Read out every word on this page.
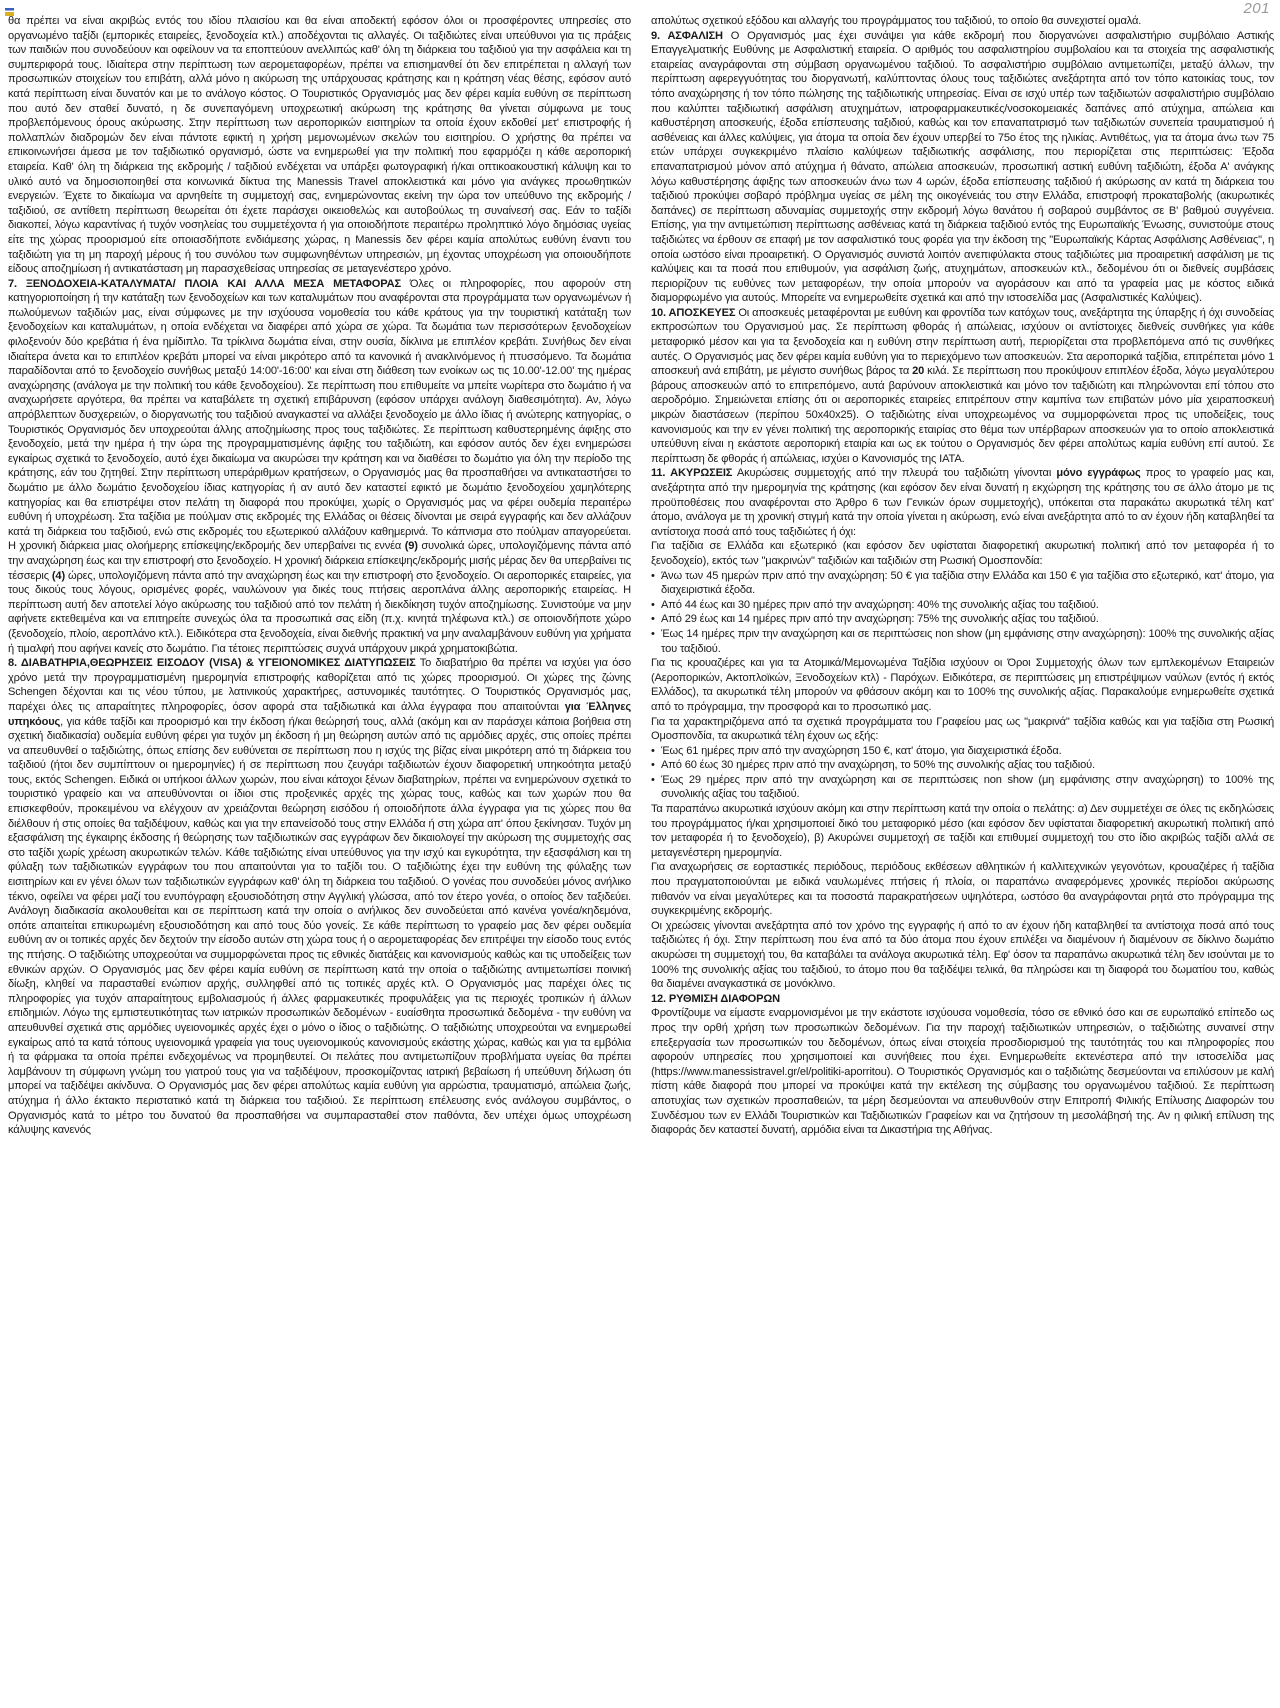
201

θα πρέπει να είναι ακριβώς εντός του ιδίου πλαισίου και θα είναι αποδεκτή εφόσον όλοι οι προσφέροντες υπηρεσίες στο οργανωμένο ταξίδι (εμπορικές εταιρείες, ξενοδοχεία κτλ.) αποδέχονται τις αλλαγές. Οι ταξιδιώτες είναι υπεύθυνοι για τις πράξεις των παιδιών που συνοδεύουν και οφείλουν να τα εποπτεύουν ανελλιπώς καθ' όλη τη διάρκεια του ταξιδιού για την ασφάλεια και τη συμπεριφορά τους. Ιδιαίτερα στην περίπτωση των αερομεταφορέων, πρέπει να επισημανθεί ότι δεν επιτρέπεται η αλλαγή των προσωπικών στοιχείων του επιβάτη, αλλά μόνο η ακύρωση της υπάρχουσας κράτησης και η κράτηση νέας θέσης, εφόσον αυτό κατά περίπτωση είναι δυνατόν και με το ανάλογο κόστος. Ο Τουριστικός Οργανισμός μας δεν φέρει καμία ευθύνη σε περίπτωση που αυτό δεν σταθεί δυνατό, η δε συνεπαγόμενη υποχρεωτική ακύρωση της κράτησης θα γίνεται σύμφωνα με τους προβλεπόμενους όρους ακύρωσης. Στην περίπτωση των αεροπορικών εισιτηρίων τα οποία έχουν εκδοθεί μετ' επιστροφής ή πολλαπλών διαδρομών δεν είναι πάντοτε εφικτή η χρήση μεμονωμένων σκελών του εισιτηρίου. Ο χρήστης θα πρέπει να επικοινωνήσει άμεσα με τον ταξιδιωτικό οργανισμό, ώστε να ενημερωθεί για την πολιτική που εφαρμόζει η κάθε αεροπορική εταιρεία. Καθ' όλη τη διάρκεια της εκδρομής / ταξιδιού ενδέχεται να υπάρξει φωτογραφική ή/και οπτικοακουστική κάλυψη και το υλικό αυτό να δημοσιοποιηθεί στα κοινωνικά δίκτυα της Manessis Travel αποκλειστικά και μόνο για ανάγκες προωθητικών ενεργειών. Έχετε το δικαίωμα να αρνηθείτε τη συμμετοχή σας, ενημερώνοντας εκείνη την ώρα τον υπεύθυνο της εκδρομής / ταξιδιού, σε αντίθετη περίπτωση θεωρείται ότι έχετε παράσχει οικειοθελώς και αυτοβούλως τη συναίνεσή σας. Εάν το ταξίδι διακοπεί, λόγω καραντίνας ή τυχόν νοσηλείας του συμμετέχοντα ή για οποιοδήποτε περαιτέρω προληπτικό λόγο δημόσιας υγείας είτε της χώρας προορισμού είτε οποιασδήποτε ενδιάμεσης χώρας, η Manessis δεν φέρει καμία απολύτως ευθύνη έναντι του ταξιδιώτη για τη μη παροχή μέρους ή του συνόλου των συμφωνηθέντων υπηρεσιών, μη έχοντας υποχρέωση για οποιουδήποτε είδους αποζημίωση ή αντικατάσταση μη παρασχεθείσας υπηρεσίας σε μεταγενέστερο χρόνο.

7. ΞΕΝΟΔΟΧΕΙΑ-ΚΑΤΑΛΥΜΑΤΑ/ ΠΛΟΙΑ ΚΑΙ ΑΛΛΑ ΜΕΣΑ ΜΕΤΑΦΟΡΑΣ Όλες οι πληροφορίες, που αφορούν στη κατηγοριοποίηση ή την κατάταξη των ξενοδοχείων και των καταλυμάτων που αναφέρονται στα προγράμματα των οργανωμένων ή πωλούμενων ταξιδιών μας, είναι σύμφωνες με την ισχύουσα νομοθεσία του κάθε κράτους για την τουριστική κατάταξη των ξενοδοχείων και καταλυμάτων, η οποία ενδέχεται να διαφέρει από χώρα σε χώρα. Τα δωμάτια των περισσότερων ξενοδοχείων φιλοξενούν δύο κρεβάτια ή ένα ημίδιπλο. Τα τρίκλινα δωμάτια είναι, στην ουσία, δίκλινα με επιπλέον κρεβάτι. Συνήθως δεν είναι ιδιαίτερα άνετα και το επιπλέον κρεβάτι μπορεί να είναι μικρότερο από τα κανονικά ή ανακλινόμενος ή πτυσσόμενο. Τα δωμάτια παραδίδονται από το ξενοδοχείο συνήθως μεταξύ 14:00'-16:00' και είναι στη διάθεση των ενοίκων ως τις 10.00'-12.00' της ημέρας αναχώρησης (ανάλογα με την πολιτική του κάθε ξενοδοχείου). Σε περίπτωση που επιθυμείτε να μπείτε νωρίτερα στο δωμάτιο ή να αναχωρήσετε αργότερα, θα πρέπει να καταβάλετε τη σχετική επιβάρυνση (εφόσον υπάρχει ανάλογη διαθεσιμότητα). Αν, λόγω απρόβλεπτων δυσχερειών, ο διοργανωτής του ταξιδιού αναγκαστεί να αλλάξει ξενοδοχείο με άλλο ίδιας ή ανώτερης κατηγορίας, ο Τουριστικός Οργανισμός δεν υποχρεούται άλλης αποζημίωσης προς τους ταξιδιώτες. Σε περίπτωση καθυστερημένης άφιξης στο ξενοδοχείο, μετά την ημέρα ή την ώρα της προγραμματισμένης άφιξης του ταξιδιώτη, και εφόσον αυτός δεν έχει ενημερώσει εγκαίρως σχετικά το ξενοδοχείο, αυτό έχει δικαίωμα να ακυρώσει την κράτηση και να διαθέσει το δωμάτιο για όλη την περίοδο της κράτησης, εάν του ζητηθεί. Στην περίπτωση υπεράριθμων κρατήσεων, ο Οργανισμός μας θα προσπαθήσει να αντικαταστήσει το δωμάτιο με άλλο δωμάτιο ξενοδοχείου ίδιας κατηγορίας ή αν αυτό δεν καταστεί εφικτό με δωμάτιο ξενοδοχείου χαμηλότερης κατηγορίας και θα επιστρέψει στον πελάτη τη διαφορά που προκύψει, χωρίς ο Οργανισμός μας να φέρει ουδεμία περαιτέρω ευθύνη ή υποχρέωση. Στα ταξίδια με πούλμαν στις εκδρομές της Ελλάδας οι θέσεις δίνονται με σειρά εγγραφής και δεν αλλάζουν κατά τη διάρκεια του ταξιδιού, ενώ στις εκδρομές του εξωτερικού αλλάζουν καθημερινά. Το κάπνισμα στο πούλμαν απαγορεύεται. Η χρονική διάρκεια μιας ολοήμερης επίσκεψης/εκδρομής δεν υπερβαίνει τις εννέα (9) συνολικά ώρες, υπολογιζόμενης πάντα από την αναχώρηση έως και την επιστροφή στο ξενοδοχείο. Η χρονική διάρκεια επίσκεψης/εκδρομής μισής μέρας δεν θα υπερβαίνει τις τέσσερις (4) ώρες, υπολογιζόμενη πάντα από την αναχώρηση έως και την επιστροφή στο ξενοδοχείο. Οι αεροπορικές εταιρείες, για τους δικούς τους λόγους, ορισμένες φορές, ναυλώνουν για δικές τους πτήσεις αεροπλάνα άλλης αεροπορικής εταιρείας. Η περίπτωση αυτή δεν αποτελεί λόγο ακύρωσης του ταξιδιού από τον πελάτη ή διεκδίκηση τυχόν αποζημίωσης. Συνιστούμε να μην αφήνετε εκτεθειμένα και να επιτηρείτε συνεχώς όλα τα προσωπικά σας είδη (π.χ. κινητά τηλέφωνα κτλ.) σε οποιονδήποτε χώρο (ξενοδοχείο, πλοίο, αεροπλάνο κτλ.). Ειδικότερα στα ξενοδοχεία, είναι διεθνής πρακτική να μην αναλαμβάνουν ευθύνη για χρήματα ή τιμαλφή που αφήνει κανείς στο δωμάτιο. Για τέτοιες περιπτώσεις συχνά υπάρχουν μικρά χρηματοκιβώτια.

8. ΔΙΑΒΑΤΗΡΙΑ,ΘΕΩΡΗΣΕΙΣ ΕΙΣΟΔΟΥ (VISA) & ΥΓΕΙΟΝΟΜΙΚΕΣ ΔΙΑΤΥΠΩΣΕΙΣ Το διαβατήριο θα πρέπει να ισχύει για όσο χρόνο μετά την προγραμματισμένη ημερομηνία επιστροφής καθορίζεται από τις χώρες προορισμού. Οι χώρες της ζώνης Schengen δέχονται και τις νέου τύπου, με λατινικούς χαρακτήρες, αστυνομικές ταυτότητες. Ο Τουριστικός Οργανισμός μας, παρέχει όλες τις απαραίτητες πληροφορίες, όσον αφορά στα ταξιδιωτικά και άλλα έγγραφα που απαιτούνται για Έλληνες υπηκόους, για κάθε ταξίδι και προορισμό και την έκδοση ή/και θεώρησή τους, αλλά (ακόμη και αν παράσχει κάποια βοήθεια στη σχετική διαδικασία) ουδεμία ευθύνη φέρει για τυχόν μη έκδοση ή μη θεώρηση αυτών από τις αρμόδιες αρχές, στις οποίες πρέπει να απευθυνθεί ο ταξιδιώτης, όπως επίσης δεν ευθύνεται σε περίπτωση που η ισχύς της βίζας είναι μικρότερη από τη διάρκεια του ταξιδιού (ήτοι δεν συμπίπτουν οι ημερομηνίες) ή σε περίπτωση που ζευγάρι ταξιδιωτών έχουν διαφορετική υπηκοότητα μεταξύ τους, εκτός Schengen. Ειδικά οι υπήκοοι άλλων χωρών, που είναι κάτοχοι ξένων διαβατηρίων, πρέπει να ενημερώνουν σχετικά το τουριστικό γραφείο και να απευθύνονται οι ίδιοι στις προξενικές αρχές της χώρας τους, καθώς και των χωρών που θα επισκεφθούν, προκειμένου να ελέγχουν αν χρειάζονται θεώρηση εισόδου ή οποιοδήποτε άλλα έγγραφα για τις χώρες που θα διέλθουν ή στις οποίες θα ταξιδέψουν, καθώς και για την επανείσοδό τους στην Ελλάδα ή στη χώρα απ' όπου ξεκίνησαν. Τυχόν μη εξασφάλιση της έγκαιρης έκδοσης ή θεώρησης των ταξιδιωτικών σας εγγράφων δεν δικαιολογεί την ακύρωση της συμμετοχής σας στο ταξίδι χωρίς χρέωση ακυρωτικών τελών. Κάθε ταξιδιώτης είναι υπεύθυνος για την ισχύ και εγκυρότητα, την εξασφάλιση και τη φύλαξη των ταξιδιωτικών εγγράφων του που απαιτούνται για το ταξίδι του. Ο ταξιδιώτης έχει την ευθύνη της φύλαξης των εισιτηρίων και εν γένει όλων των ταξιδιωτικών εγγράφων καθ' όλη τη διάρκεια του ταξιδιού. Ο γονέας που συνοδεύει μόνος ανήλικο τέκνο, οφείλει να φέρει μαζί του ενυπόγραφη εξουσιοδότηση στην Αγγλική γλώσσα, από τον έτερο γονέα, ο οποίος δεν ταξιδεύει. Ανάλογη διαδικασία ακολουθείται και σε περίπτωση κατά την οποία ο ανήλικος δεν συνοδεύεται από κανένα γονέα/κηδεμόνα, οπότε απαιτείται επικυρωμένη εξουσιοδότηση και από τους δύο γονείς. Σε κάθε περίπτωση το γραφείο μας δεν φέρει ουδεμία ευθύνη αν οι τοπικές αρχές δεν δεχτούν την είσοδο αυτών στη χώρα τους ή ο αερομεταφορέας δεν επιτρέψει την είσοδο τους εντός της πτήσης. Ο ταξιδιώτης υποχρεούται να συμμορφώνεται προς τις εθνικές διατάξεις και κανονισμούς καθώς και τις υποδείξεις των εθνικών αρχών. Ο Οργανισμός μας δεν φέρει καμία ευθύνη σε περίπτωση κατά την οποία ο ταξιδιώτης αντιμετωπίσει ποινική δίωξη, κληθεί να παρασταθεί ενώπιον αρχής, συλληφθεί από τις τοπικές αρχές κτλ. Ο Οργανισμός μας παρέχει όλες τις πληροφορίες για τυχόν απαραίτητους εμβολιασμούς ή άλλες φαρμακευτικές προφυλάξεις για τις περιοχές τροπικών ή άλλων επιδημιών. Λόγω της εμπιστευτικότητας των ιατρικών προσωπικών δεδομένων - ευαίσθητα προσωπικά δεδομένα - την ευθύνη να απευθυνθεί σχετικά στις αρμόδιες υγειονομικές αρχές έχει ο μόνο ο ίδιος ο ταξιδιώτης. Ο ταξιδιώτης υποχρεούται να ενημερωθεί εγκαίρως από τα κατά τόπους υγειονομικά γραφεία για τους υγειονομικούς κανονισμούς εκάστης χώρας, καθώς και για τα εμβόλια ή τα φάρμακα τα οποία πρέπει ενδεχομένως να προμηθευτεί. Οι πελάτες που αντιμετωπίζουν προβλήματα υγείας θα πρέπει λαμβάνουν τη σύμφωνη γνώμη του γιατρού τους για να ταξιδέψουν, προσκομίζοντας ιατρική βεβαίωση ή υπεύθυνη δήλωση ότι μπορεί να ταξιδέψει ακίνδυνα. Ο Οργανισμός μας δεν φέρει απολύτως καμία ευθύνη για αρρώστια, τραυματισμό, απώλεια ζωής, ατύχημα ή άλλο έκτακτο περιστατικό κατά τη διάρκεια του ταξιδιού. Σε περίπτωση επέλευσης ενός ανάλογου συμβάντος, ο Οργανισμός κατά το μέτρο του δυνατού θα προσπαθήσει να συμπαρασταθεί στον παθόντα, δεν υπέχει όμως υποχρέωση κάλυψης κανενός

απολύτως σχετικού εξόδου και αλλαγής του προγράμματος του ταξιδιού, το οποίο θα συνεχιστεί ομαλά.

9. ΑΣΦΑΛΙΣΗ Ο Οργανισμός μας έχει συνάψει για κάθε εκδρομή που διοργανώνει ασφαλιστήριο συμβόλαιο Αστικής Επαγγελματικής Ευθύνης με Ασφαλιστική εταιρεία. Ο αριθμός του ασφαλιστηρίου συμβολαίου και τα στοιχεία της ασφαλιστικής εταιρείας αναγράφονται στη σύμβαση οργανωμένου ταξιδιού. Το ασφαλιστήριο συμβόλαιο αντιμετωπίζει, μεταξύ άλλων, την περίπτωση αφερεγγυότητας του διοργανωτή, καλύπτοντας όλους τους ταξιδιώτες ανεξάρτητα από τον τόπο κατοικίας τους, τον τόπο αναχώρησης ή τον τόπο πώλησης της ταξιδιωτικής υπηρεσίας. Είναι σε ισχύ υπέρ των ταξιδιωτών ασφαλιστήριο συμβόλαιο που καλύπτει ταξιδιωτική ασφάλιση ατυχημάτων, ιατροφαρμακευτικές/νοσοκομειακές δαπάνες από ατύχημα, απώλεια και καθυστέρηση αποσκευής, έξοδα επίσπευσης ταξιδιού, καθώς και τον επαναπατρισμό των ταξιδιωτών συνεπεία τραυματισμού ή ασθένειας και άλλες καλύψεις, για άτομα τα οποία δεν έχουν υπερβεί το 75ο έτος της ηλικίας. Αντιθέτως, για τα άτομα άνω των 75 ετών υπάρχει συγκεκριμένο πλαίσιο καλύψεων ταξιδιωτικής ασφάλισης, που περιορίζεται στις περιπτώσεις: Έξοδα επαναπατρισμού μόνον από ατύχημα ή θάνατο, απώλεια αποσκευών, προσωπική αστική ευθύνη ταξιδιώτη, έξοδα Α' ανάγκης λόγω καθυστέρησης άφιξης των αποσκευών άνω των 4 ωρών, έξοδα επίσπευσης ταξιδιού ή ακύρωσης αν κατά τη διάρκεια του ταξιδιού προκύψει σοβαρό πρόβλημα υγείας σε μέλη της οικογένειάς του στην Ελλάδα, επιστροφή προκαταβολής (ακυρωτικές δαπάνες) σε περίπτωση αδυναμίας συμμετοχής στην εκδρομή λόγω θανάτου ή σοβαρού συμβάντος σε Β' βαθμού συγγένεια. Επίσης, για την αντιμετώπιση περίπτωσης ασθένειας κατά τη διάρκεια ταξιδιού εντός της Ευρωπαϊκής Ένωσης, συνιστούμε στους ταξιδιώτες να έρθουν σε επαφή με τον ασφαλιστικό τους φορέα για την έκδοση της "Ευρωπαϊκής Κάρτας Ασφάλισης Ασθένειας", η οποία ωστόσο είναι προαιρετική. Ο Οργανισμός συνιστά λοιπόν ανεπιφύλακτα στους ταξιδιώτες μια προαιρετική ασφάλιση με τις καλύψεις και τα ποσά που επιθυμούν, για ασφάλιση ζωής, ατυχημάτων, αποσκευών κτλ., δεδομένου ότι οι διεθνείς συμβάσεις περιορίζουν τις ευθύνες των μεταφορέων, την οποία μπορούν να αγοράσουν και από τα γραφεία μας με κόστος ειδικά διαμορφωμένο για αυτούς. Μπορείτε να ενημερωθείτε σχετικά και από την ιστοσελίδα μας (Ασφαλιστικές Καλύψεις).

10. ΑΠΟΣΚΕΥΕΣ Οι αποσκευές μεταφέρονται με ευθύνη και φροντίδα των κατόχων τους, ανεξάρτητα της ύπαρξης ή όχι συνοδείας εκπροσώπων του Οργανισμού μας. Σε περίπτωση φθοράς ή απώλειας, ισχύουν οι αντίστοιχες διεθνείς συνθήκες για κάθε μεταφορικό μέσον και για τα ξενοδοχεία και η ευθύνη στην περίπτωση αυτή, περιορίζεται στα προβλεπόμενα από τις συνθήκες αυτές. Ο Οργανισμός μας δεν φέρει καμία ευθύνη για το περιεχόμενο των αποσκευών. Στα αεροπορικά ταξίδια, επιτρέπεται μόνο 1 αποσκευή ανά επιβάτη, με μέγιστο συνήθως βάρος τα 20 κιλά. Σε περίπτωση που προκύψουν επιπλέον έξοδα, λόγω μεγαλύτερου βάρους αποσκευών από το επιτρεπόμενο, αυτά βαρύνουν αποκλειστικά και μόνο τον ταξιδιώτη και πληρώνονται επί τόπου στο αεροδρόμιο. Σημειώνεται επίσης ότι οι αεροπορικές εταιρείες επιτρέπουν στην καμπίνα των επιβατών μόνο μία χειραποσκευή μικρών διαστάσεων (περίπου 50x40x25). Ο ταξιδιώτης είναι υποχρεωμένος να συμμορφώνεται προς τις υποδείξεις, τους κανονισμούς και την εν γένει πολιτική της αεροπορικής εταιρίας στο θέμα των υπέρβαρων αποσκευών για το οποίο αποκλειστικά υπεύθυνη είναι η εκάστοτε αεροπορική εταιρία και ως εκ τούτου ο Οργανισμός δεν φέρει απολύτως καμία ευθύνη επί αυτού. Σε περίπτωση δε φθοράς ή απώλειας, ισχύει ο Κανονισμός της ΙΑΤΑ.

11. ΑΚΥΡΩΣΕΙΣ Ακυρώσεις συμμετοχής από την πλευρά του ταξιδιώτη γίνονται μόνο εγγράφως προς το γραφείο μας και, ανεξάρτητα από την ημερομηνία της κράτησης (και εφόσον δεν είναι δυνατή η εκχώρηση της κράτησης του σε άλλο άτομο με τις προϋποθέσεις που αναφέρονται στο Άρθρο 6 των Γενικών όρων συμμετοχής), υπόκειται στα παρακάτω ακυρωτικά τέλη κατ' άτομο, ανάλογα με τη χρονική στιγμή κατά την οποία γίνεται η ακύρωση, ενώ είναι ανεξάρτητα από το αν έχουν ήδη καταβληθεί τα αντίστοιχα ποσά από τους ταξιδιώτες ή όχι:

Για ταξίδια σε Ελλάδα και εξωτερικό (και εφόσον δεν υφίσταται διαφορετική ακυρωτική πολιτική από τον μεταφορέα ή το ξενοδοχείο), εκτός των "μακρινών" ταξιδιών και ταξιδιών στη Ρωσική Ομοσπονδία:

• Άνω των 45 ημερών πριν από την αναχώρηση: 50 € για ταξίδια στην Ελλάδα και 150 € για ταξίδια στο εξωτερικό, κατ' άτομο, για διαχειριστικά έξοδα.
• Από 44 έως και 30 ημέρες πριν από την αναχώρηση: 40% της συνολικής αξίας του ταξιδιού.
• Από 29 έως και 14 ημέρες πριν από την αναχώρηση: 75% της συνολικής αξίας του ταξιδιού.
• Έως 14 ημέρες πριν την αναχώρηση και σε περιπτώσεις non show (μη εμφάνισης στην αναχώρηση): 100% της συνολικής αξίας του ταξιδιού.

Για τις κρουαζιέρες και για τα Ατομικά/Μεμονωμένα Ταξίδια ισχύουν οι Όροι Συμμετοχής όλων των εμπλεκομένων Εταιρειών (Αεροπορικών, Ακτοπλοϊκών, Ξενοδοχείων κτλ) - Παρόχων. Ειδικότερα, σε περιπτώσεις μη επιστρέψιμων ναύλων (εντός ή εκτός Ελλάδος), τα ακυρωτικά τέλη μπορούν να φθάσουν ακόμη και το 100% της συνολικής αξίας. Παρακαλούμε ενημερωθείτε σχετικά από το πρόγραμμα, την προσφορά και το προσωπικό μας.

Για τα χαρακτηριζόμενα από τα σχετικά προγράμματα του Γραφείου μας ως "μακρινά" ταξίδια καθώς και για ταξίδια στη Ρωσική Ομοσπονδία, τα ακυρωτικά τέλη έχουν ως εξής:

• Έως 61 ημέρες πριν από την αναχώρηση 150 €, κατ' άτομο, για διαχειριστικά έξοδα.
• Από 60 έως 30 ημέρες πριν από την αναχώρηση, το 50% της συνολικής αξίας του ταξιδιού.
• Έως 29 ημέρες πριν από την αναχώρηση και σε περιπτώσεις non show (μη εμφάνισης στην αναχώρηση) το 100% της συνολικής αξίας του ταξιδιού.

Τα παραπάνω ακυρωτικά ισχύουν ακόμη και στην περίπτωση κατά την οποία ο πελάτης: α) Δεν συμμετέχει σε όλες τις εκδηλώσεις του προγράμματος ή/και χρησιμοποιεί δικό του μεταφορικό μέσο (και εφόσον δεν υφίσταται διαφορετική ακυρωτική πολιτική από τον μεταφορέα ή το ξενοδοχείο), β) Ακυρώνει συμμετοχή σε ταξίδι και επιθυμεί συμμετοχή του στο ίδιο ακριβώς ταξίδι αλλά σε μεταγενέστερη ημερομηνία.

Για αναχωρήσεις σε εορταστικές περιόδους, περιόδους εκθέσεων αθλητικών ή καλλιτεχνικών γεγονότων, κρουαζιέρες ή ταξίδια που πραγματοποιούνται με ειδικά ναυλωμένες πτήσεις ή πλοία, οι παραπάνω αναφερόμενες χρονικές περίοδοι ακύρωσης πιθανόν να είναι μεγαλύτερες και τα ποσοστά παρακρατήσεων υψηλότερα, ωστόσο θα αναγράφονται ρητά στο πρόγραμμα της συγκεκριμένης εκδρομής.

Οι χρεώσεις γίνονται ανεξάρτητα από τον χρόνο της εγγραφής ή από το αν έχουν ήδη καταβληθεί τα αντίστοιχα ποσά από τους ταξιδιώτες ή όχι. Στην περίπτωση που ένα από τα δύο άτομα που έχουν επιλέξει να διαμένουν ή διαμένουν σε δίκλινο δωμάτιο ακυρώσει τη συμμετοχή του, θα καταβάλει τα ανάλογα ακυρωτικά τέλη. Εφ' όσον τα παραπάνω ακυρωτικά τέλη δεν ισούνται με το 100% της συνολικής αξίας του ταξιδιού, το άτομο που θα ταξιδέψει τελικά, θα πληρώσει και τη διαφορά του δωματίου του, καθώς θα διαμένει αναγκαστικά σε μονόκλινο.

12. ΡΥΘΜΙΣΗ ΔΙΑΦΟΡΩΝ

Φροντίζουμε να είμαστε εναρμονισμένοι με την εκάστοτε ισχύουσα νομοθεσία, τόσο σε εθνικό όσο και σε ευρωπαϊκό επίπεδο ως προς την ορθή χρήση των προσωπικών δεδομένων. Για την παροχή ταξιδιωτικών υπηρεσιών, ο ταξιδιώτης συναινεί στην επεξεργασία των προσωπικών του δεδομένων, όπως είναι στοιχεία προσδιορισμού της ταυτότητάς του και πληροφορίες που αφορούν υπηρεσίες που χρησιμοποιεί και συνήθειες που έχει. Ενημερωθείτε εκτενέστερα από την ιστοσελίδα μας (https://www.manessistravel.gr/el/politiki-aporritou). Ο Τουριστικός Οργανισμός και ο ταξιδιώτης δεσμεύονται να επιλύσουν με καλή πίστη κάθε διαφορά που μπορεί να προκύψει κατά την εκτέλεση της σύμβασης του οργανωμένου ταξιδιού. Σε περίπτωση αποτυχίας των σχετικών προσπαθειών, τα μέρη δεσμεύονται να απευθυνθούν στην Επιτροπή Φιλικής Επίλυσης Διαφορών του Συνδέσμου των εν Ελλάδι Τουριστικών και Ταξιδιωτικών Γραφείων και να ζητήσουν τη μεσολάβησή της. Αν η φιλική επίλυση της διαφοράς δεν καταστεί δυνατή, αρμόδια είναι τα Δικαστήρια της Αθήνας.
